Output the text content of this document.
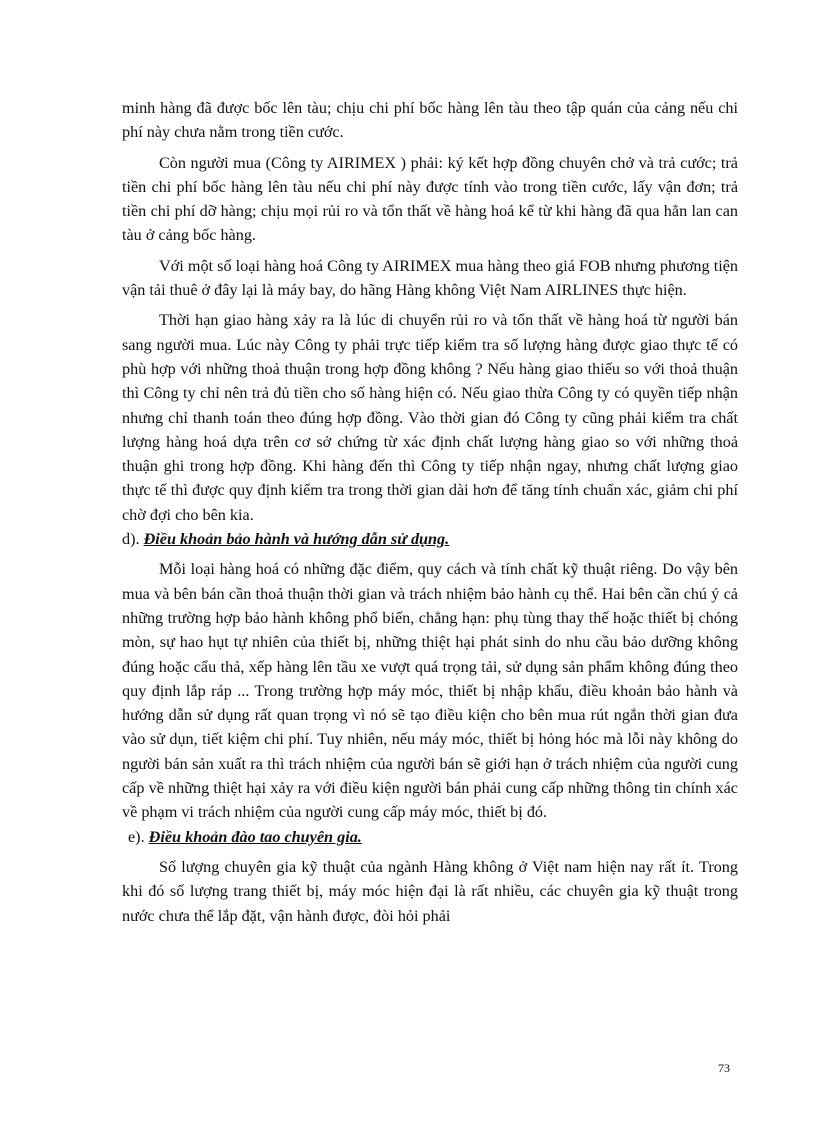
minh hàng đã được bốc lên tàu; chịu chi phí bốc hàng lên tàu theo tập quán của cảng nếu chi phí này chưa nằm trong tiền cước.

Còn người mua (Công ty AIRIMEX ) phải: ký kết hợp đồng chuyên chở và trả cước; trả tiền chi phí bốc hàng lên tàu nếu chi phí này được tính vào trong tiền cước, lấy vận đơn; trả tiền chi phí dỡ hàng; chịu mọi rủi ro và tổn thất về hàng hoá kể từ khi hàng đã qua hẳn lan can tàu ở cảng bốc hàng.

Với một số loại hàng hoá Công ty AIRIMEX mua hàng theo giá FOB nhưng phương tiện vận tải thuê ở đây lại là máy bay, do hãng Hàng không Việt Nam AIRLINES thực hiện.

Thời hạn giao hàng xảy ra là lúc di chuyển rủi ro và tổn thất về hàng hoá từ người bán sang người mua. Lúc này Công ty phải trực tiếp kiểm tra số lượng hàng được giao thực tế có phù hợp với những thoả thuận trong hợp đồng không ? Nếu hàng giao thiếu so với thoả thuận thì Công ty chỉ nên trả đủ tiền cho số hàng hiện có. Nếu giao thừa Công ty có quyền tiếp nhận nhưng chỉ thanh toán theo đúng hợp đồng. Vào thời gian đó Công ty cũng phải kiểm tra chất lượng hàng hoá dựa trên cơ sở chứng từ xác định chất lượng hàng giao so với những thoả thuận ghi trong hợp đồng. Khi hàng đến thì Công ty tiếp nhận ngay, nhưng chất lượng giao thực tế thì được quy định kiểm tra trong thời gian dài hơn để tăng tính chuẩn xác, giảm chi phí chờ đợi cho bên kia.

d). Điều khoản bảo hành và hướng dẫn sử dụng.

Mỗi loại hàng hoá có những đặc điểm, quy cách và tính chất kỹ thuật riêng. Do vậy bên mua và bên bán cần thoả thuận thời gian và trách nhiệm bảo hành cụ thể. Hai bên cần chú ý cả những trường hợp bảo hành không phổ biến, chẳng hạn: phụ tùng thay thế hoặc thiết bị chóng mòn, sự hao hụt tự nhiên của thiết bị, những thiệt hại phát sinh do nhu cầu bảo dưỡng không đúng hoặc cẩu thả, xếp hàng lên tầu xe vượt quá trọng tải, sử dụng sản phẩm không đúng theo quy định lắp ráp ... Trong trường hợp máy móc, thiết bị nhập khẩu, điều khoản bảo hành và hướng dẫn sử dụng rất quan trọng vì nó sẽ tạo điều kiện cho bên mua rút ngắn thời gian đưa vào sử dụn, tiết kiệm chi phí. Tuy nhiên, nếu máy móc, thiết bị hỏng hóc mà lỗi này không do người bán sản xuất ra thì trách nhiệm của người bán sẽ giới hạn ở trách nhiệm của người cung cấp về những thiệt hại xảy ra với điều kiện người bán phải cung cấp những thông tin chính xác về phạm vi trách nhiệm của người cung cấp máy móc, thiết bị đó.

e). Điều khoản đào tao chuyên gia.

Số lượng chuyên gia kỹ thuật của ngành Hàng không ở Việt nam hiện nay rất ít. Trong khi đó số lượng trang thiết bị, máy móc hiện đại là rất nhiều, các chuyên gia kỹ thuật trong nước chưa thể lắp đặt, vận hành được, đòi hỏi phải

73
